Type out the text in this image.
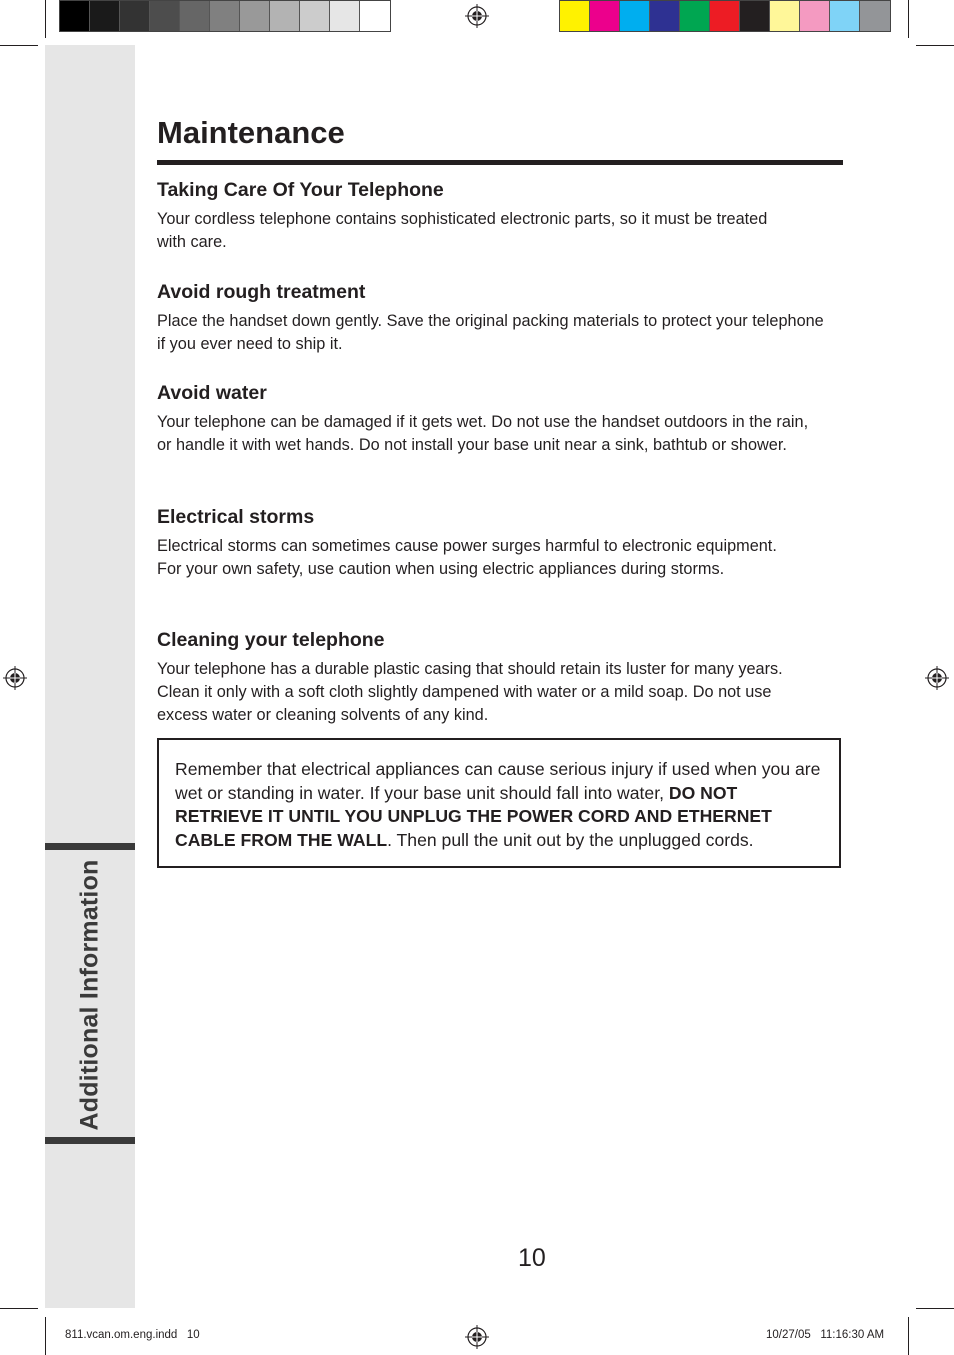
Additional Information
Maintenance
Taking Care Of Your Telephone

Your cordless telephone contains sophisticated electronic parts, so it must be treated with care.

Avoid rough treatment

Place the handset down gently. Save the original packing materials to protect your telephone if you ever need to ship it.

Avoid water

Your telephone can be damaged if it gets wet. Do not use the handset outdoors in the rain, or handle it with wet hands. Do not install your base unit near a sink, bathtub or shower.

Electrical storms

Electrical storms can sometimes cause power surges harmful to electronic equipment. For your own safety, use caution when using electric appliances during storms.

Cleaning your telephone

Your telephone has a durable plastic casing that should retain its luster for many years. Clean it only with a soft cloth slightly dampened with water or a mild soap. Do not use excess water or cleaning solvents of any kind.

Remember that electrical appliances can cause serious injury if used when you are wet or standing in water. If your base unit should fall into water, DO NOT RETRIEVE IT UNTIL YOU UNPLUG THE POWER CORD AND ETHERNET CABLE FROM THE WALL. Then pull the unit out by the unplugged cords.
10
811.vcan.om.eng.indd   10	10/27/05   11:16:30 AM
